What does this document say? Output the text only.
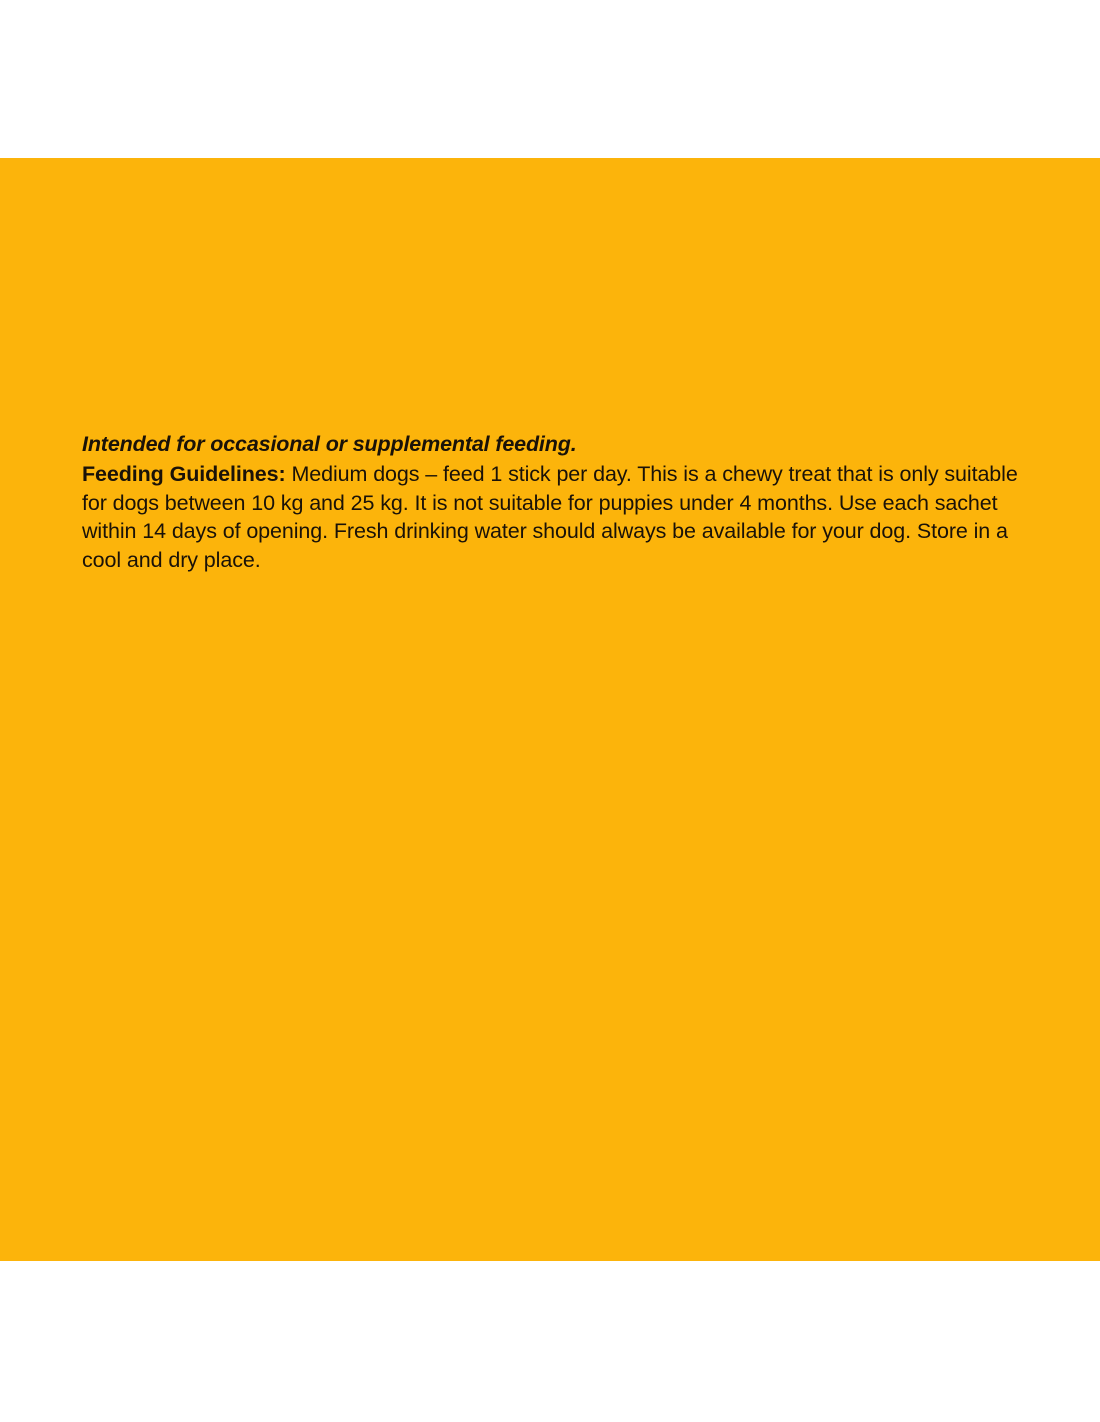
Intended for occasional or supplemental feeding.

Feeding Guidelines: Medium dogs – feed 1 stick per day. This is a chewy treat that is only suitable for dogs between 10 kg and 25 kg. It is not suitable for puppies under 4 months. Use each sachet within 14 days of opening. Fresh drinking water should always be available for your dog. Store in a cool and dry place.
